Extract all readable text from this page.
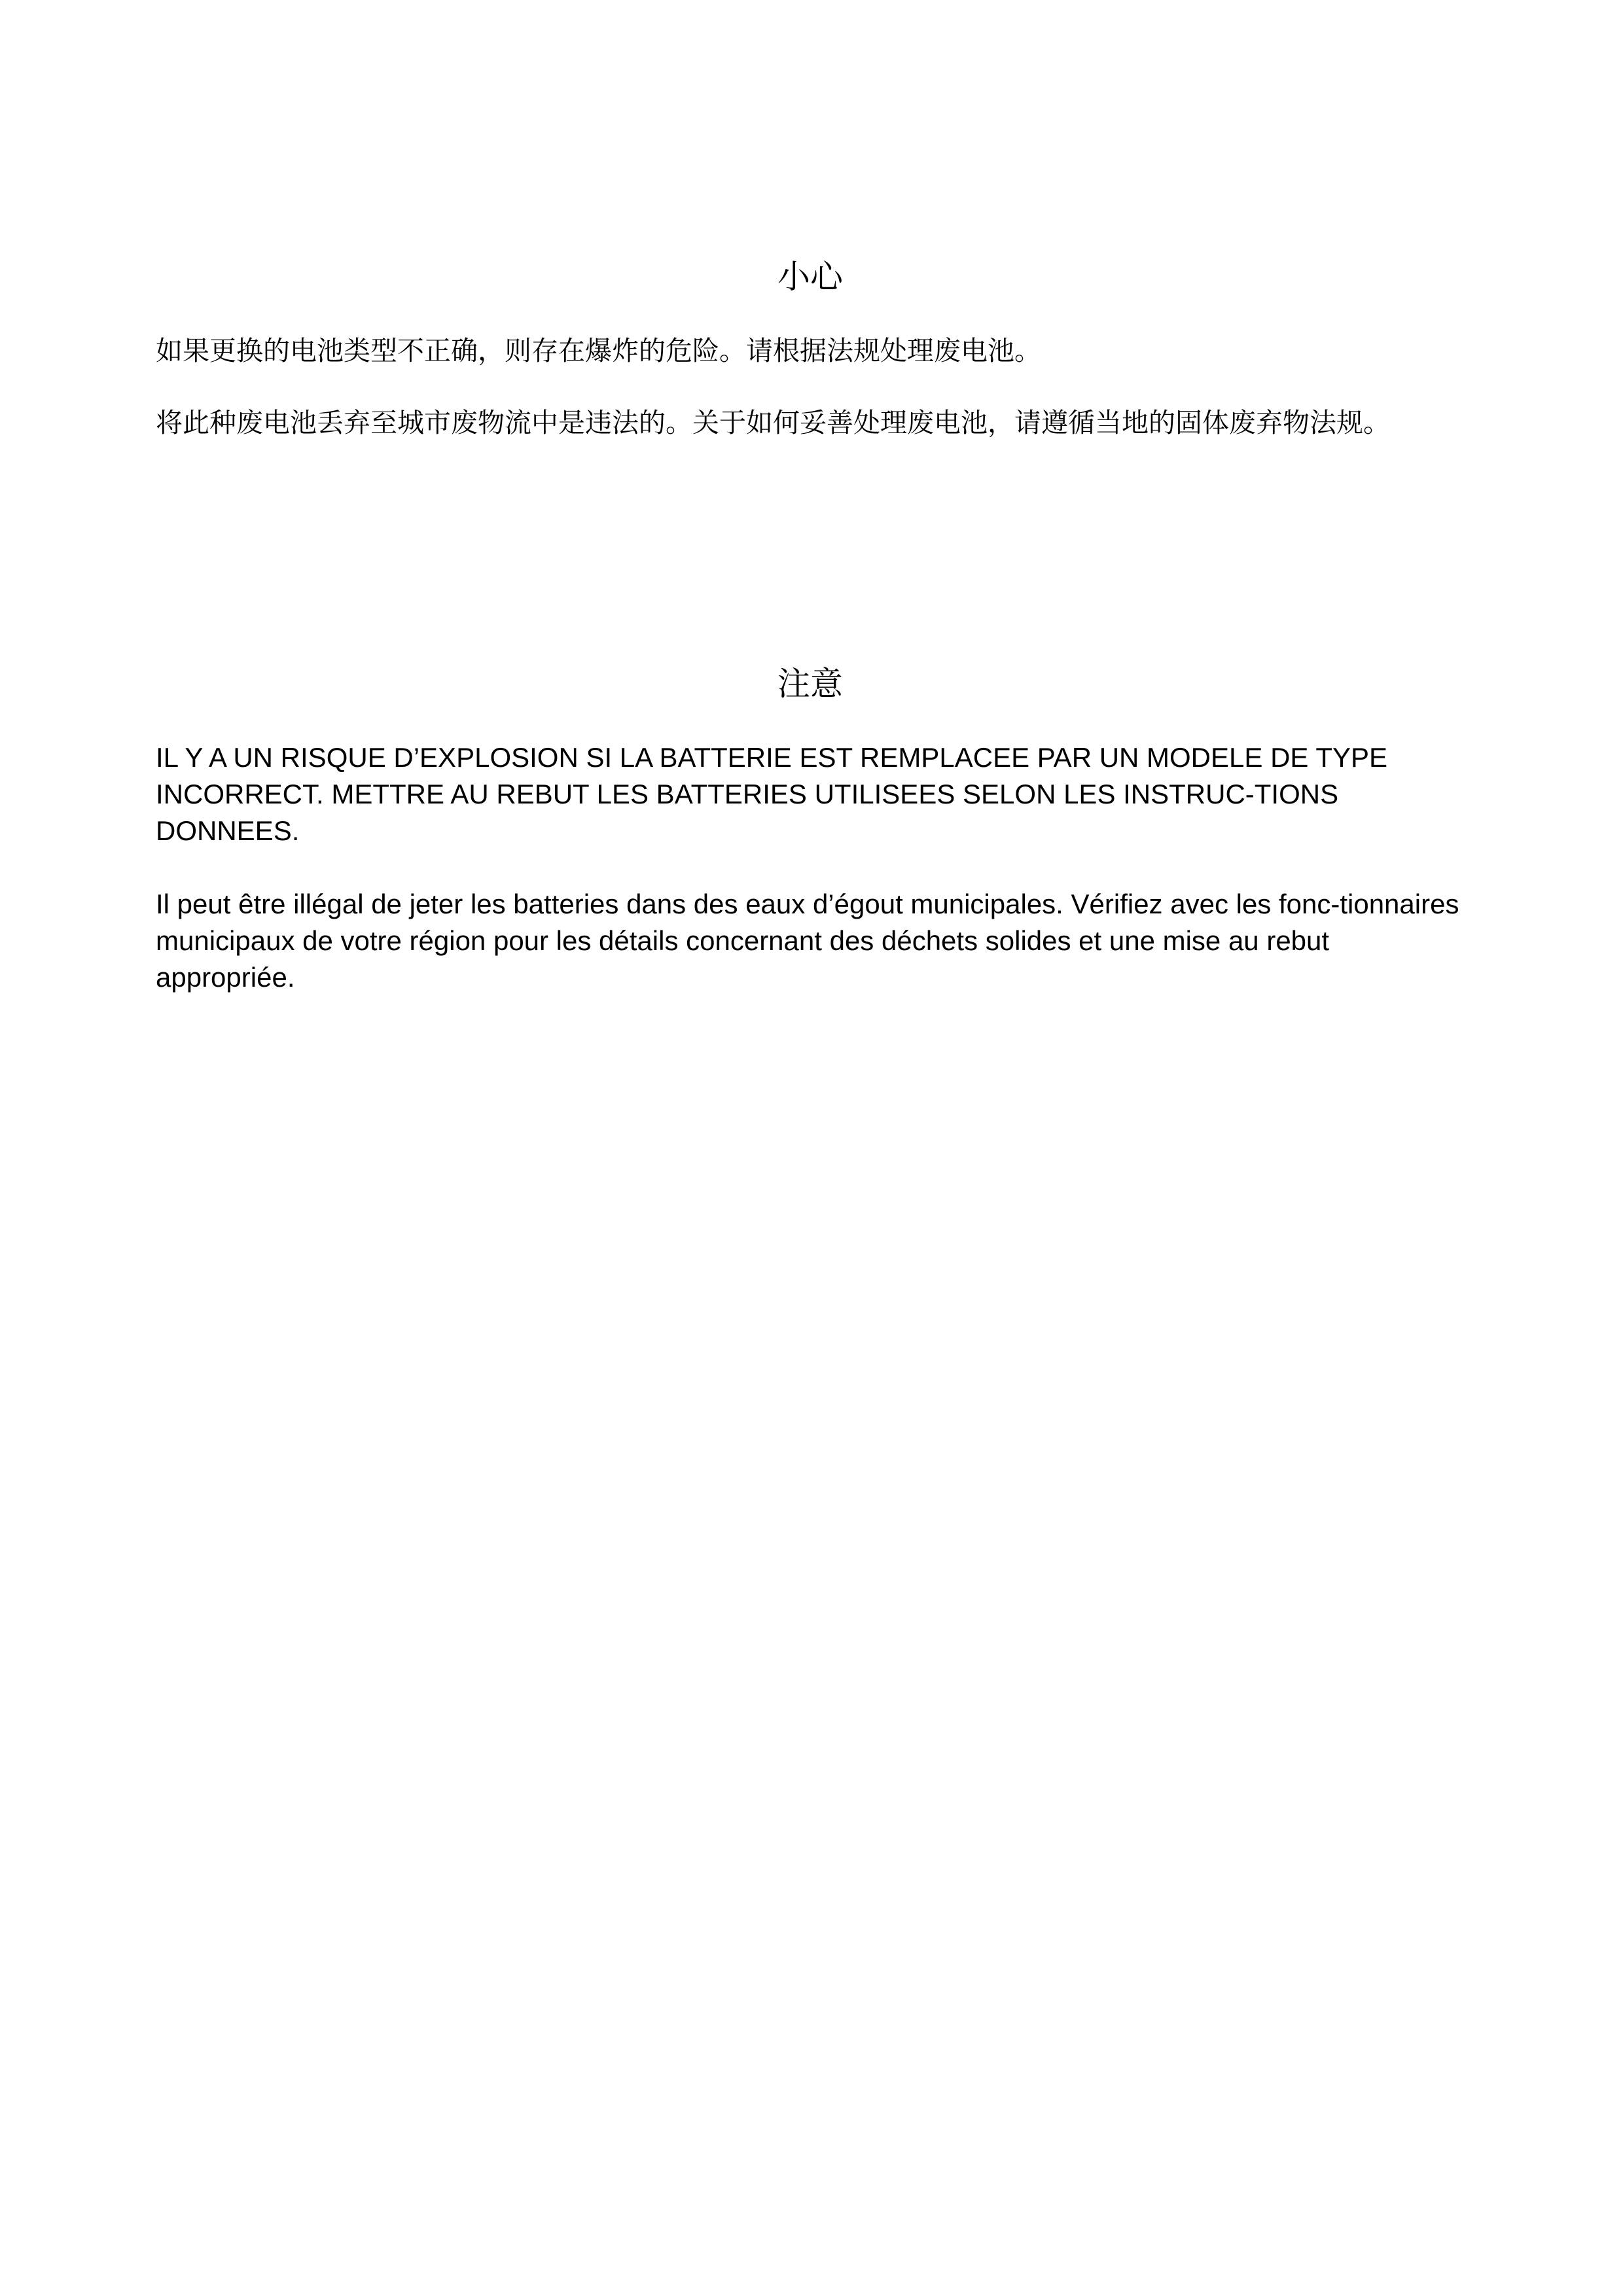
小心

如果更换的电池类型不正确，则存在爆炸的危险。请根据法规处理废电池。

将此种废电池丢弃至城市废物流中是违法的。关于如何妥善处理废电池，请遵循当地的固体废弃物法规。

注意

IL Y A UN RISQUE D’EXPLOSION SI LA BATTERIE EST REMPLACEE PAR UN MODELE DE TYPE INCORRECT. METTRE AU REBUT LES BATTERIES UTILISEES SELON LES INSTRUC-TIONS DONNEES.

Il peut être illégal de jeter les batteries dans des eaux d’égout municipales. Vérifiez avec les fonc-tionnaires municipaux de votre région pour les détails concernant des déchets solides et une mise au rebut appropriée.
